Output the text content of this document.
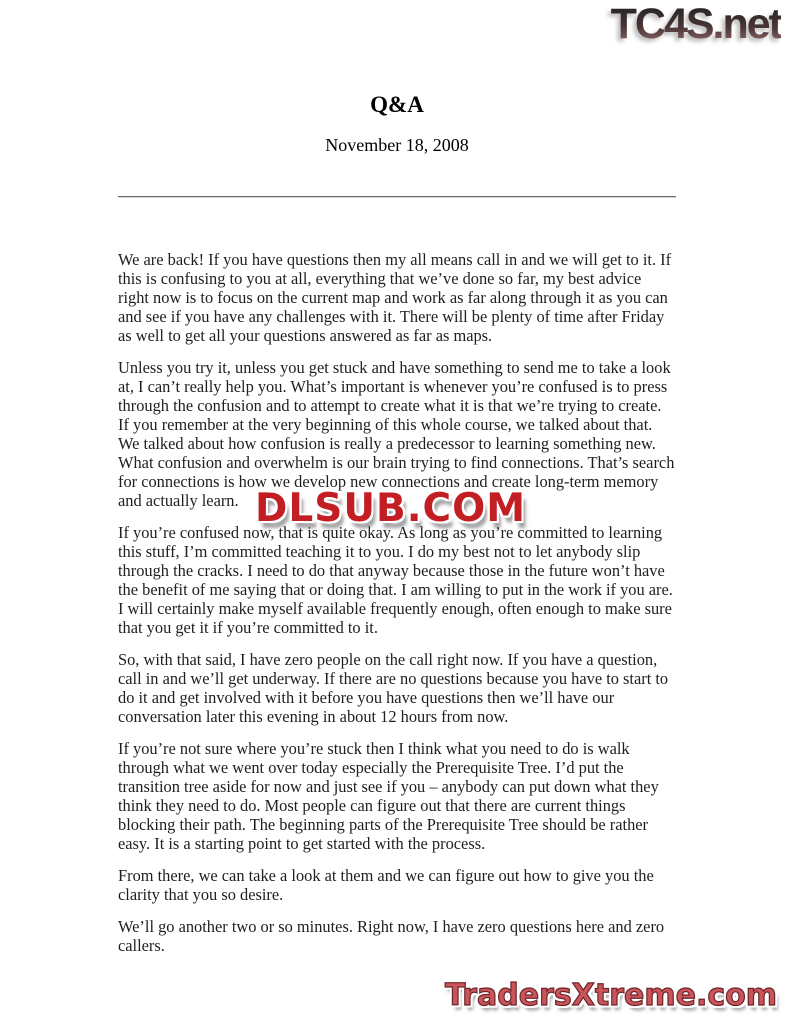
TC4S.net
Q&A
November 18, 2008

We are back! If you have questions then my all means call in and we will get to it. If this is confusing to you at all, everything that we’ve done so far, my best advice right now is to focus on the current map and work as far along through it as you can and see if you have any challenges with it. There will be plenty of time after Friday as well to get all your questions answered as far as maps.

Unless you try it, unless you get stuck and have something to send me to take a look at, I can’t really help you. What’s important is whenever you’re confused is to press through the confusion and to attempt to create what it is that we’re trying to create. If you remember at the very beginning of this whole course, we talked about that. We talked about how confusion is really a predecessor to learning something new. What confusion and overwhelm is our brain trying to find connections. That’s search for connections is how we develop new connections and create long-term memory and actually learn.

If you’re confused now, that is quite okay. As long as you’re committed to learning this stuff, I’m committed teaching it to you. I do my best not to let anybody slip through the cracks. I need to do that anyway because those in the future won’t have the benefit of me saying that or doing that. I am willing to put in the work if you are. I will certainly make myself available frequently enough, often enough to make sure that you get it if you’re committed to it.

So, with that said, I have zero people on the call right now. If you have a question, call in and we’ll get underway. If there are no questions because you have to start to do it and get involved with it before you have questions then we’ll have our conversation later this evening in about 12 hours from now.

If you’re not sure where you’re stuck then I think what you need to do is walk through what we went over today especially the Prerequisite Tree. I’d put the transition tree aside for now and just see if you – anybody can put down what they think they need to do. Most people can figure out that there are current things blocking their path. The beginning parts of the Prerequisite Tree should be rather easy. It is a starting point to get started with the process.

From there, we can take a look at them and we can figure out how to give you the clarity that you so desire.

We’ll go another two or so minutes. Right now, I have zero questions here and zero callers.

DLSUB.COM
TradersXtreme.com
